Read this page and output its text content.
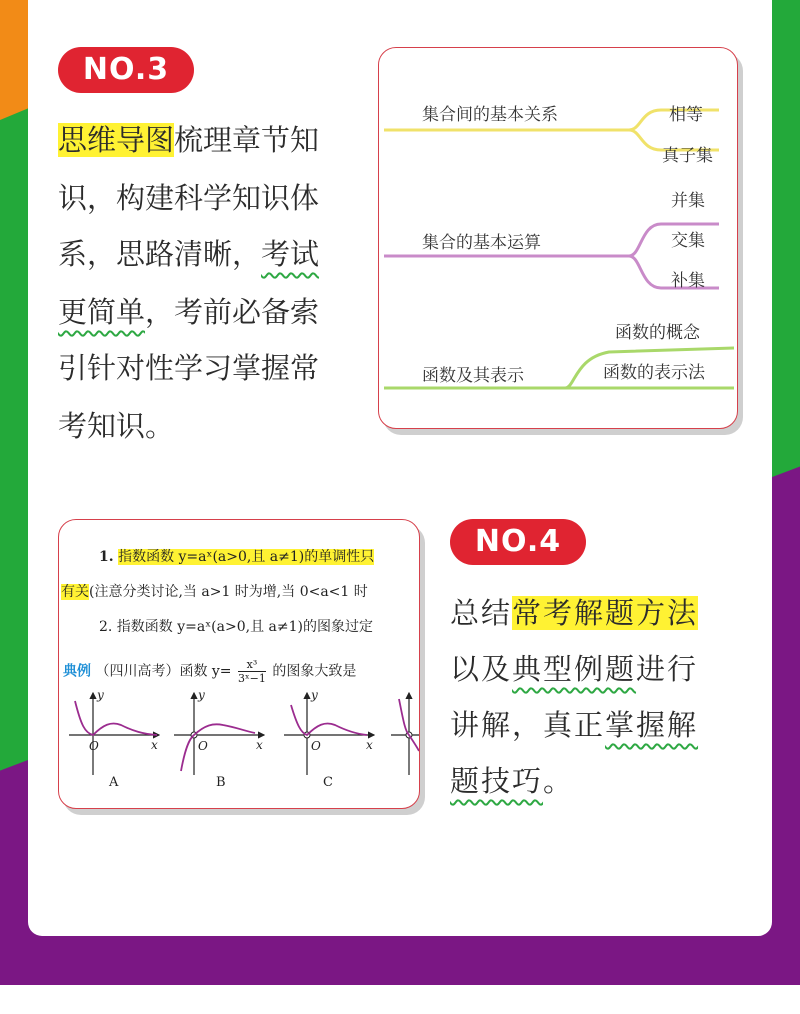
NO.3
思维导图梳理章节知
识，构建科学知识体
系，思路清晰，考试
更简单，考前必备索
引针对性学习掌握常
考知识。
集合间的基本关系	相等
真子集
集合的基本运算
并集
交集
补集
函数及其表示
函数的概念
函数的表示法
1. 指数函数 y=aˣ(a>0,且 a≠1)的单调性只
有关(注意分类讨论,当 a>1 时为增,当 0<a<1 时
2. 指数函数 y=aˣ(a>0,且 a≠1)的图象过定
典例 （四川高考）函数 $y= \frac{\text{x³}}{\text{3ˣ−1}}$ 的图象大致是
y
x
O
y
x
O
y
x
O
A	B	C
NO.4
总结常考解题方法
以及典型例题进行
讲解，真正掌握解
题技巧。
